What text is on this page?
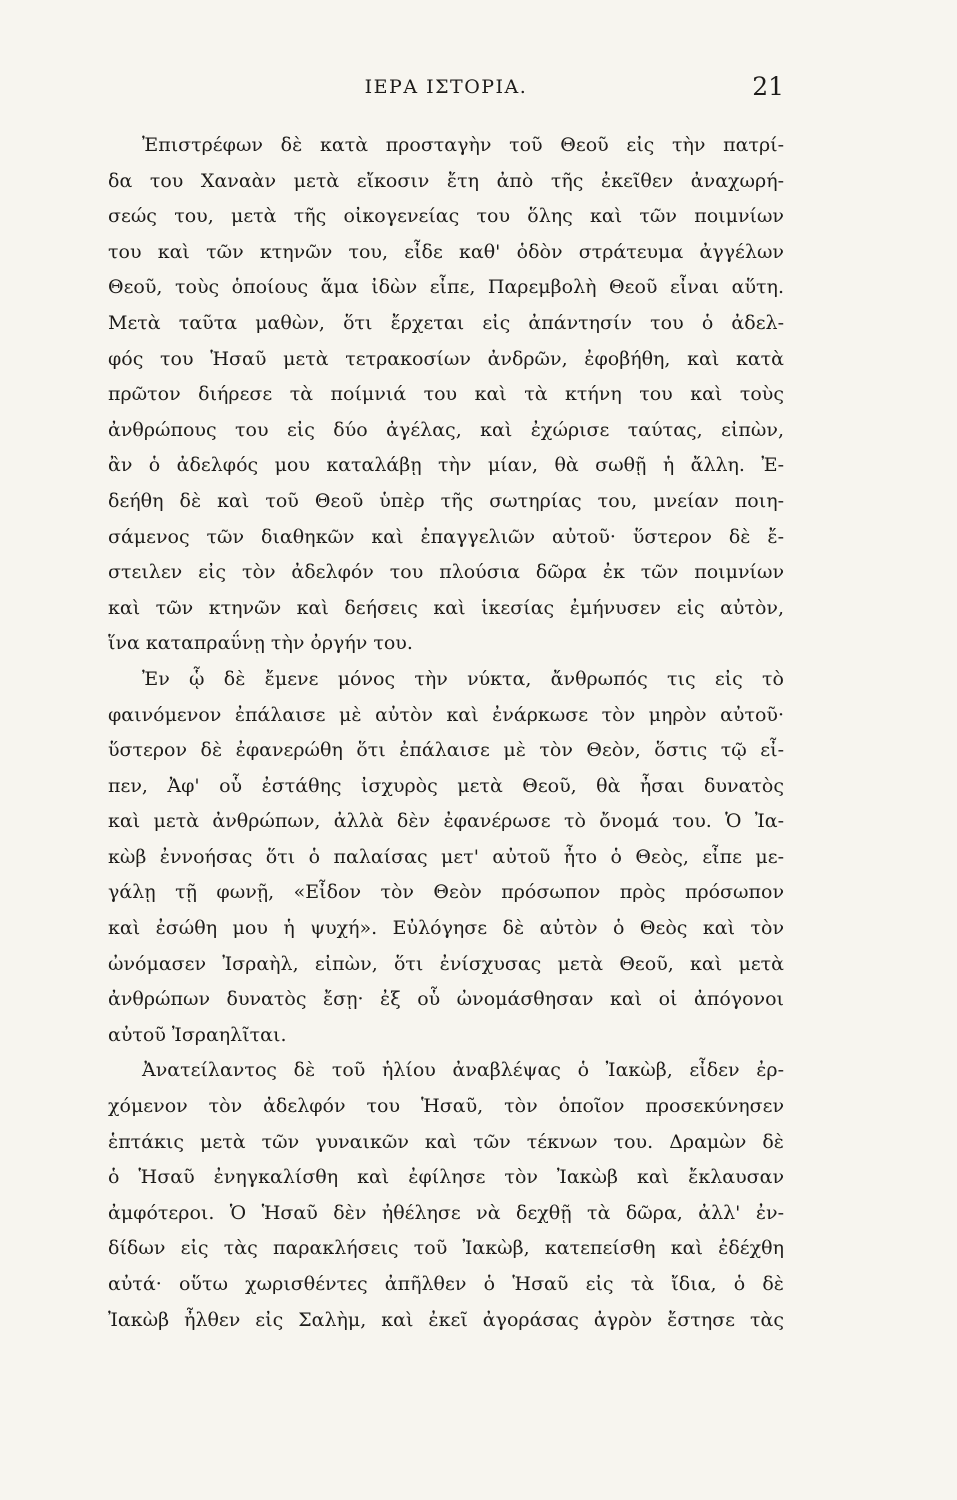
ΙΕΡΑ ΙΣΤΟΡΙΑ.	21
Ἐπιστρέφων δὲ κατὰ προσταγὴν τοῦ Θεοῦ εἰς τὴν πατρί-
δα του Χαναὰν μετὰ εἴκοσιν ἔτη ἀπὸ τῆς ἐκεῖθεν ἀναχωρή-
σεώς του, μετὰ τῆς οἰκογενείας του ὅλης καὶ τῶν ποιμνίων
του καὶ τῶν κτηνῶν του, εἶδε καθ' ὁδὸν στράτευμα ἀγγέλων
Θεοῦ, τοὺς ὁποίους ἅμα ἰδὼν εἶπε, Παρεμβολὴ Θεοῦ εἶναι αὕτη.
Μετὰ ταῦτα μαθὼν, ὅτι ἔρχεται εἰς ἀπάντησίν του ὁ ἀδελ-
φός του Ἡσαῦ μετὰ τετρακοσίων ἀνδρῶν, ἐφοβήθη, καὶ κατὰ
πρῶτον διήρεσε τὰ ποίμνιά του καὶ τὰ κτήνη του καὶ τοὺς
ἀνθρώπους του εἰς δύο ἀγέλας, καὶ ἐχώρισε ταύτας, εἰπὼν,
ἂν ὁ ἀδελφός μου καταλάβῃ τὴν μίαν, θὰ σωθῇ ἡ ἄλλη. Ἐ-
δεήθη δὲ καὶ τοῦ Θεοῦ ὑπὲρ τῆς σωτηρίας του, μνείαν ποιη-
σάμενος τῶν διαθηκῶν καὶ ἐπαγγελιῶν αὐτοῦ· ὕστερον δὲ ἔ-
στειλεν εἰς τὸν ἀδελφόν του πλούσια δῶρα ἐκ τῶν ποιμνίων
καὶ τῶν κτηνῶν καὶ δεήσεις καὶ ἱκεσίας ἐμήνυσεν εἰς αὐτὸν,
ἵνα καταπραΰνῃ τὴν ὀργήν του.
Ἐν ᾧ δὲ ἔμενε μόνος τὴν νύκτα, ἄνθρωπός τις εἰς τὸ
φαινόμενον ἐπάλαισε μὲ αὐτὸν καὶ ἐνάρκωσε τὸν μηρὸν αὐτοῦ·
ὕστερον δὲ ἐφανερώθη ὅτι ἐπάλαισε μὲ τὸν Θεὸν, ὅστις τῷ εἶ-
πεν, Ἀφ' οὗ ἐστάθης ἰσχυρὸς μετὰ Θεοῦ, θὰ ἦσαι δυνατὸς
καὶ μετὰ ἀνθρώπων, ἀλλὰ δὲν ἐφανέρωσε τὸ ὄνομά του. Ὁ Ἰα-
κὼβ ἐννοήσας ὅτι ὁ παλαίσας μετ' αὐτοῦ ἦτο ὁ Θεὸς, εἶπε με-
γάλῃ τῇ φωνῇ, «Εἶδον τὸν Θεὸν πρόσωπον πρὸς πρόσωπον
καὶ ἐσώθη μου ἡ ψυχή». Εὐλόγησε δὲ αὐτὸν ὁ Θεὸς καὶ τὸν
ὠνόμασεν Ἰσραὴλ, εἰπὼν, ὅτι ἐνίσχυσας μετὰ Θεοῦ, καὶ μετὰ
ἀνθρώπων δυνατὸς ἔσῃ· ἐξ οὗ ὠνομάσθησαν καὶ οἱ ἀπόγονοι
αὐτοῦ Ἰσραηλῖται.
Ἀνατείλαντος δὲ τοῦ ἡλίου ἀναβλέψας ὁ Ἰακὼβ, εἶδεν ἐρ-
χόμενον τὸν ἀδελφόν του Ἡσαῦ, τὸν ὁποῖον προσεκύνησεν
ἑπτάκις μετὰ τῶν γυναικῶν καὶ τῶν τέκνων του. Δραμὼν δὲ
ὁ Ἡσαῦ ἐνηγκαλίσθη καὶ ἐφίλησε τὸν Ἰακὼβ καὶ ἔκλαυσαν
ἀμφότεροι. Ὁ Ἡσαῦ δὲν ἠθέλησε νὰ δεχθῇ τὰ δῶρα, ἀλλ' ἐν-
δίδων εἰς τὰς παρακλήσεις τοῦ Ἰακὼβ, κατεπείσθη καὶ ἐδέχθη
αὐτά· οὕτω χωρισθέντες ἀπῆλθεν ὁ Ἡσαῦ εἰς τὰ ἴδια, ὁ δὲ
Ἰακὼβ ἦλθεν εἰς Σαλὴμ, καὶ ἐκεῖ ἀγοράσας ἀγρὸν ἔστησε τὰς
